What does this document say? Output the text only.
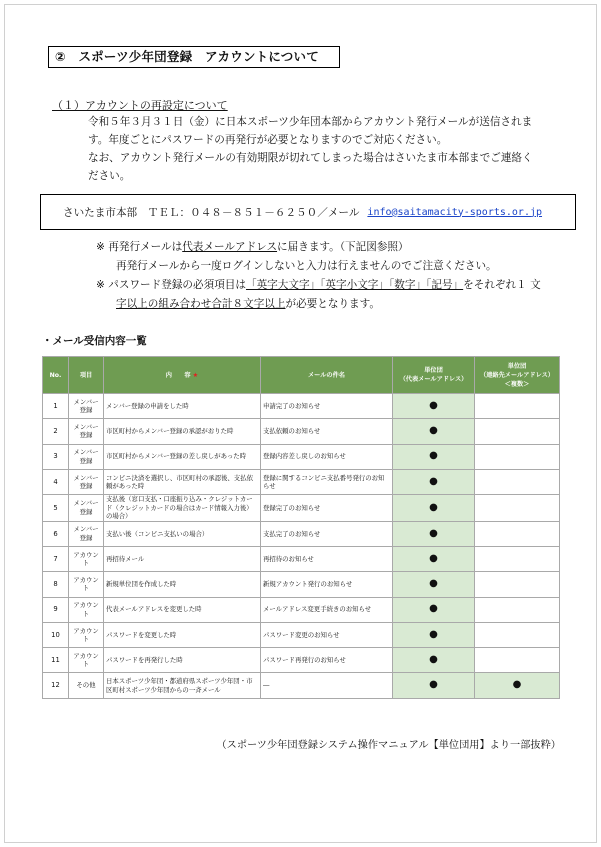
②　スポーツ少年団登録　アカウントについて
（１）アカウントの再設定について
令和５年３月３１日（金）に日本スポーツ少年団本部からアカウント発行メールが送信されま
す。年度ごとにパスワードの再発行が必要となりますのでご対応ください。
なお、アカウント発行メールの有効期限が切れてしまった場合はさいたま市本部までご連絡く
ださい。
さいたま市本部　ＴＥＬ：０４８－８５１－６２５０／メール info@saitamacity-sports.or.jp
※ 再発行メールは代表メールアドレスに届きます。（下記図参照）
再発行メールから一度ログインしないと入力は行えませんのでご注意ください。
※ パスワード登録の必須項目は「英字大文字」「英字小文字」「数字」「記号」をそれぞれ１ 文
字以上の組み合わせ合計８文字以上が必要となります。
・メール受信内容一覧
No.	項目	内　　容 ★	メールの件名	単位団
（代表メールアドレス）	単位団
（連絡先メールアドレス）
＜複数＞
1	メンバー登録	メンバー登録の申請をした時	申請完了のお知らせ	●	
2	メンバー登録	市区町村からメンバー登録の承認がおりた時	支払依頼のお知らせ	●	
3	メンバー登録	市区町村からメンバー登録の差し戻しがあった時	登録内容差し戻しのお知らせ	●	
4	メンバー登録	コンビニ決済を選択し、市区町村の承認後、支払依頼があった時	登録に関するコンビニ支払番号発行のお知らせ	●	
5	メンバー登録	支払後（窓口支払・口座振り込み・クレジットカード（クレジットカードの場合はカード情報入力後）の場合）	登録完了のお知らせ	●	
6	メンバー登録	支払い後（コンビニ支払いの場合）	支払完了のお知らせ	●	
7	アカウント	再招待メール	再招待のお知らせ	●	
8	アカウント	新規単位団を作成した時	新規アカウント発行のお知らせ	●	
9	アカウント	代表メールアドレスを変更した時	メールアドレス変更手続きのお知らせ	●	
10	アカウント	パスワードを変更した時	パスワード変更のお知らせ	●	
11	アカウント	パスワードを再発行した時	パスワード再発行のお知らせ	●	
12	その他	日本スポーツ少年団・都道府県スポーツ少年団・市区町村スポーツ少年団からの一斉メール	―	●	●
（スポーツ少年団登録システム操作マニュアル【単位団用】より一部抜粋）
